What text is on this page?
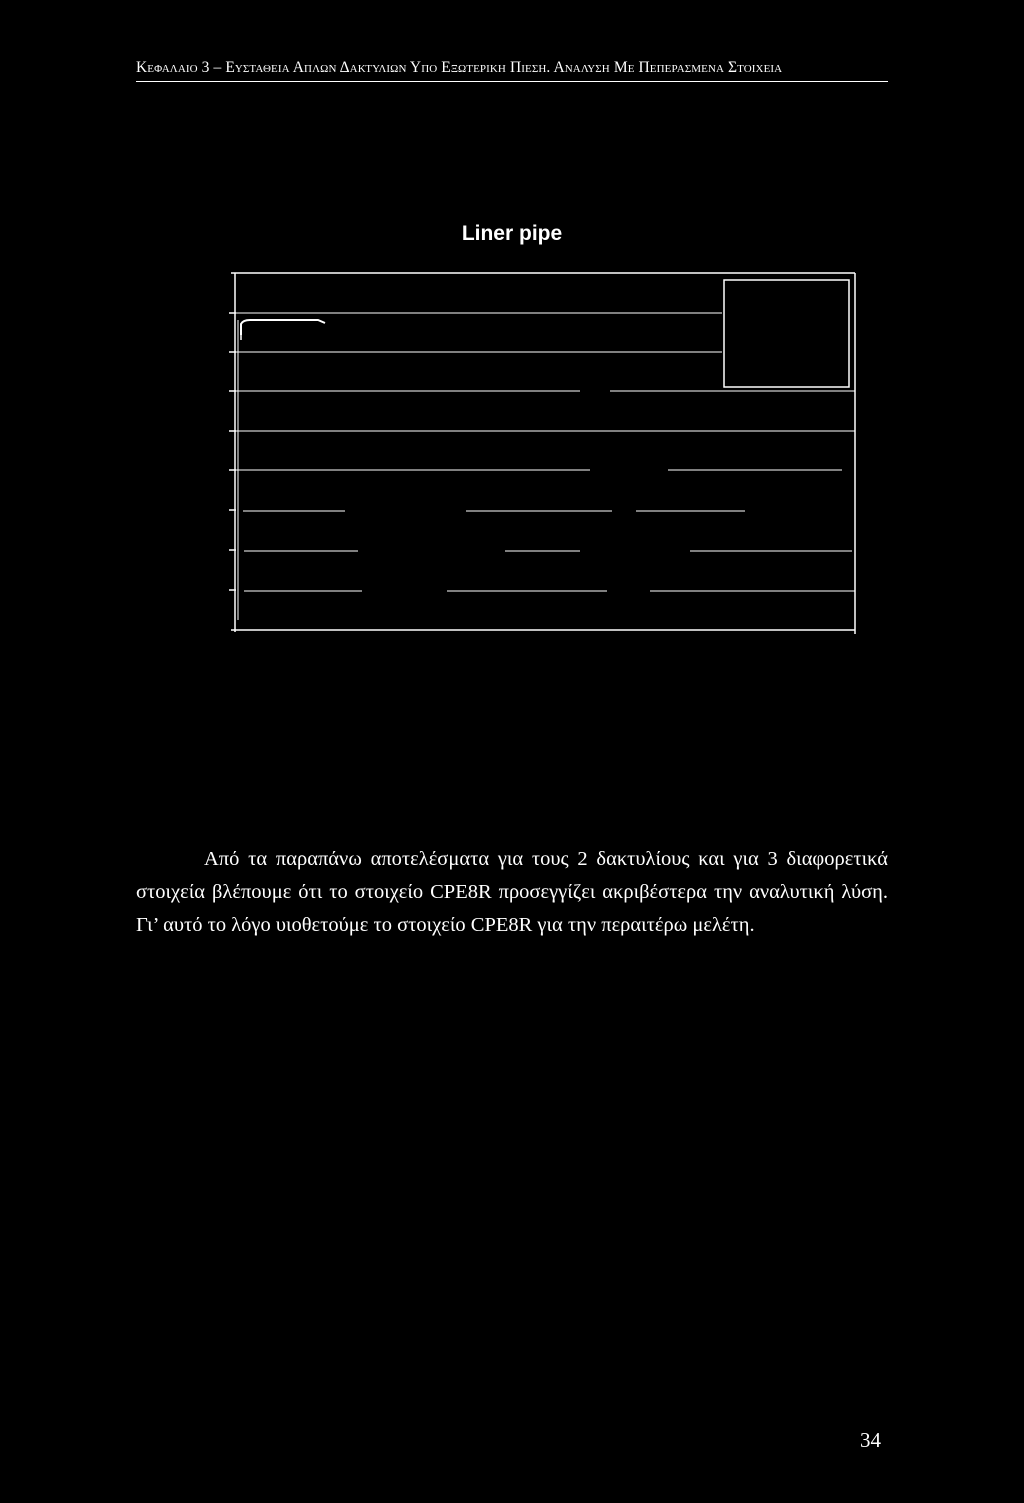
Κεφαλαιο 3 – Ευσταθεια Απλων Δακτυλιων Υπο Εξωτερικη Πιεση. Αναλυση Με Πεπερασμενα Στοιχεια
Liner pipe
Από τα παραπάνω αποτελέσματα για τους 2 δακτυλίους και για 3 διαφορετικά στοιχεία βλέπουμε ότι το στοιχείο CPE8R προσεγγίζει ακριβέστερα την αναλυτική λύση. Γι’ αυτό το λόγο υιοθετούμε το στοιχείο CPE8R για την περαιτέρω μελέτη.
34
